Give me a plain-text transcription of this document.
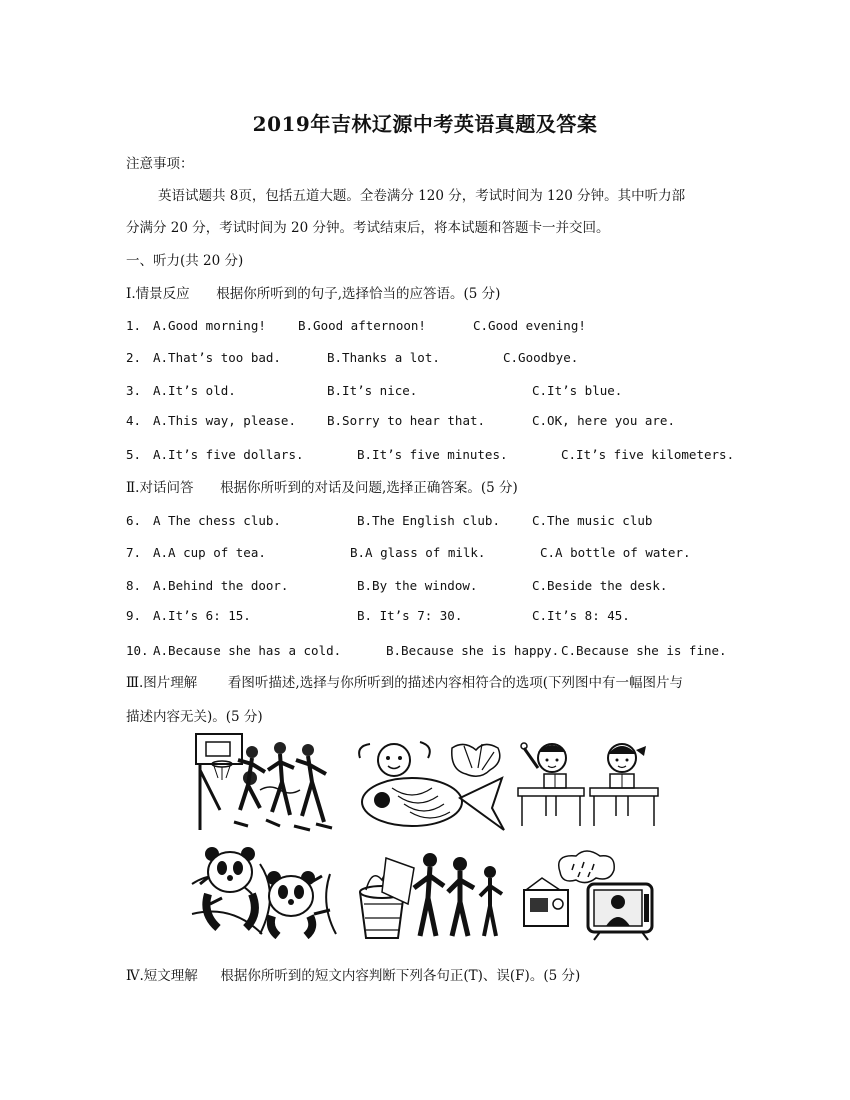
2019年吉林辽源中考英语真题及答案
注意事项：
英语试题共 8页，包括五道大题。全卷满分 120 分，考试时间为 120 分钟。其中听力部
分满分 20 分，考试时间为 20 分钟。考试结束后，将本试题和答题卡一并交回。
一、听力(共 20 分)
Ⅰ.情景反应 根据你所听到的句子,选择恰当的应答语。(5 分)
1. A.Good morning!	B.Good afternoon!	C.Good evening!
2. A.That’s too bad.	B.Thanks a lot.	C.Goodbye.
3. A.It’s old.	B.It’s nice.	C.It’s blue.
4. A.This way, please. B.Sorry to hear that.	C.OK, here you are.
5. A.It’s five dollars.	B.It’s five minutes.	C.It’s five kilometers.
Ⅱ.对话问答 根据你所听到的对话及问题,选择正确答案。(5 分)
6. A The chess club.	B.The English club.	C.The music club
7. A.A cup of tea.	B.A glass of milk.	C.A bottle of water.
8. A.Behind the door.	B.By the window.	C.Beside the desk.
9. A.It’s 6: 15.	B. It’s 7: 30.	C.It’s 8: 45.
10. A.Because she has a cold.	B.Because she is happy. C.Because she is fine.
Ⅲ.图片理解 看图听描述,选择与你所听到的描述内容相符合的选项(下列图中有一幅图片与
描述内容无关)。(5 分)
Ⅳ.短文理解 根据你所听到的短文内容判断下列各句正(T)、误(F)。(5 分)
